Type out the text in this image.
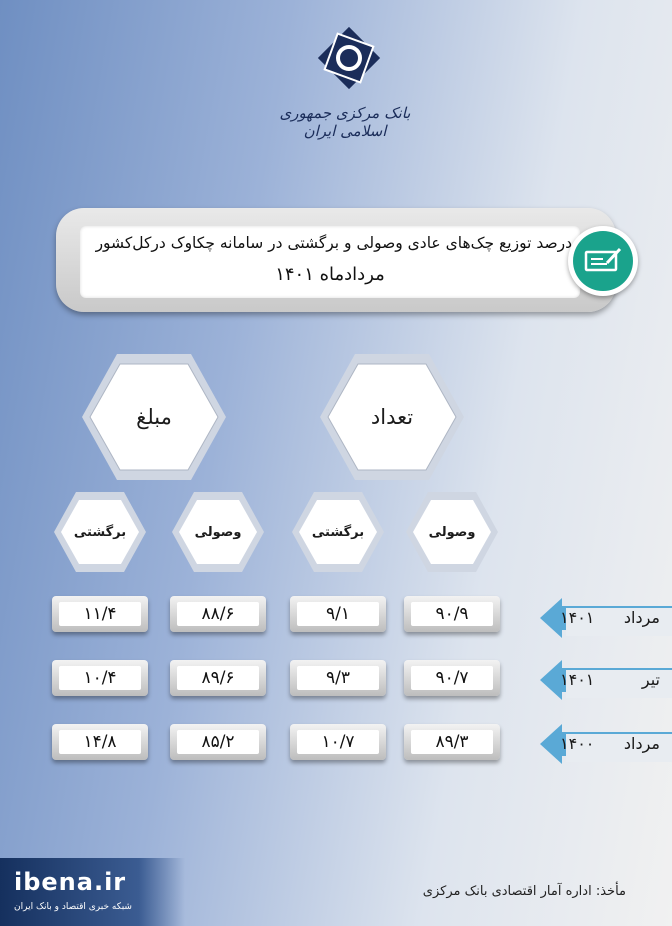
بانک مرکزی جمهوری اسلامی ایران
درصد توزیع چک‌های عادی وصولی و برگشتی در سامانه چکاوک درکل‌کشور
مردادماه ۱۴۰۱
مبلغ	تعداد
برگشتی	وصولی	برگشتی	وصولی
۱۱/۴	۸۸/۶	۹/۱	۹۰/۹	۱۴۰۱ مرداد
۱۰/۴	۸۹/۶	۹/۳	۹۰/۷	۱۴۰۱	تیر
۱۴/۸	۸۵/۲	۱۰/۷	۸۹/۳	۱۴۰۰ مرداد
مأخذ: اداره آمار اقتصادی بانک مرکزی
ibena.ir
شبکه خبری اقتصاد و بانک ایران
